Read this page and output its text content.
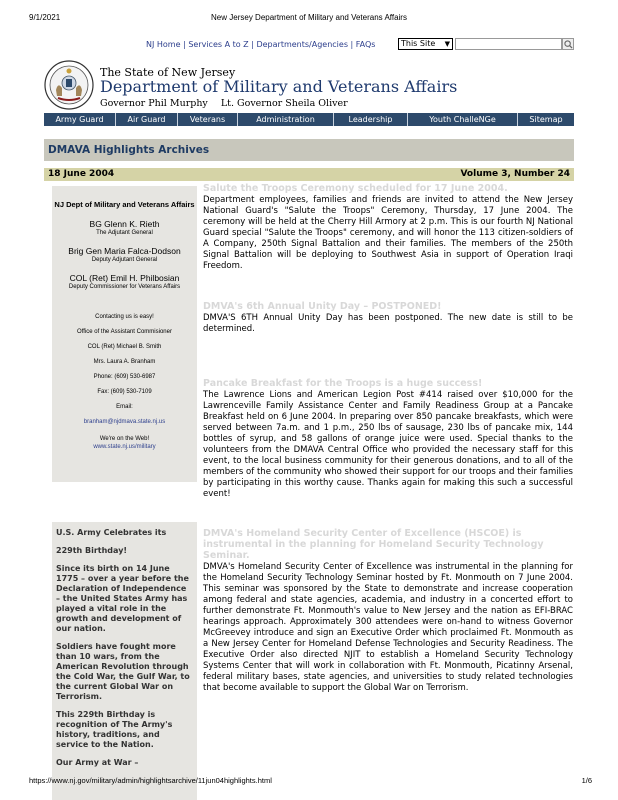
9/1/2021	New Jersey Department of Military and Veterans Affairs
NJ Home | Services A to Z | Departments/Agencies | FAQs	This Site ▼
The State of New Jersey
Department of Military and Veterans Affairs
Governor Phil Murphy Lt. Governor Sheila Oliver
Army Guard	Air Guard	Veterans	Administration	Leadership	Youth ChalleNGe	Sitemap
DMAVA Highlights Archives
18 June 2004	Volume 3, Number 24
NJ Dept of Military and Veterans Affairs
BG Glenn K. Rieth
The Adjutant General
Brig Gen Maria Falca-Dodson
Deputy Adjutant General
COL (Ret) Emil H. Philbosian
Deputy Commissioner for Veterans Affairs
Contacting us is easy!
Office of the Assistant Commisioner
COL (Ret) Michael B. Smith
Mrs. Laura A. Branham
Phone: (609) 530-6987
Fax: (609) 530-7109
Email:
branham@njdmava.state.nj.us
We're on the Web!
www.state.nj.us/military

U.S. Army Celebrates its

229th Birthday!

Since its birth on 14 June 1775 – over a year before the Declaration of Independence – the United States Army has played a vital role in the growth and development of our nation.

Soldiers have fought more than 10 wars, from the American Revolution through the Cold War, the Gulf War, to the current Global War on Terrorism.

This 229th Birthday is recognition of The Army's history, traditions, and service to the Nation.

Our Army at War –

Salute the Troops Ceremony scheduled for 17 June 2004.

Department employees, families and friends are invited to attend the New Jersey National Guard's "Salute the Troops" Ceremony, Thursday, 17 June 2004. The ceremony will be held at the Cherry Hill Armory at 2 p.m. This is our fourth NJ National Guard special "Salute the Troops" ceremony, and will honor the 113 citizen-soldiers of A Company, 250th Signal Battalion and their families. The members of the 250th Signal Battalion will be deploying to Southwest Asia in support of Operation Iraqi Freedom.

DMVA's 6th Annual Unity Day – POSTPONED!

DMVA'S 6TH Annual Unity Day has been postponed. The new date is still to be determined.

Pancake Breakfast for the Troops is a huge success!

The Lawrence Lions and American Legion Post #414 raised over $10,000 for the Lawrenceville Family Assistance Center and Family Readiness Group at a Pancake Breakfast held on 6 June 2004. In preparing over 850 pancake breakfasts, which were served between 7a.m. and 1 p.m., 250 lbs of sausage, 230 lbs of pancake mix, 144 bottles of syrup, and 58 gallons of orange juice were used. Special thanks to the volunteers from the DMAVA Central Office who provided the necessary staff for this event, to the local business community for their generous donations, and to all of the members of the community who showed their support for our troops and their families by participating in this worthy cause. Thanks again for making this such a successful event!

DMVA's Homeland Security Center of Excellence (HSCOE) is instrumental in the planning for Homeland Security Technology Seminar.

DMVA's Homeland Security Center of Excellence was instrumental in the planning for the Homeland Security Technology Seminar hosted by Ft. Monmouth on 7 June 2004. This seminar was sponsored by the State to demonstrate and increase cooperation among federal and state agencies, academia, and industry in a concerted effort to further demonstrate Ft. Monmouth's value to New Jersey and the nation as EFI-BRAC hearings approach. Approximately 300 attendees were on-hand to witness Governor McGreevey introduce and sign an Executive Order which proclaimed Ft. Monmouth as a New Jersey Center for Homeland Defense Technologies and Security Readiness. The Executive Order also directed NJIT to establish a Homeland Security Technology Systems Center that will work in collaboration with Ft. Monmouth, Picatinny Arsenal, federal military bases, state agencies, and universities to study related technologies that become available to support the Global War on Terrorism.

https://www.nj.gov/military/admin/highlightsarchive/11jun04highlights.html	1/6
